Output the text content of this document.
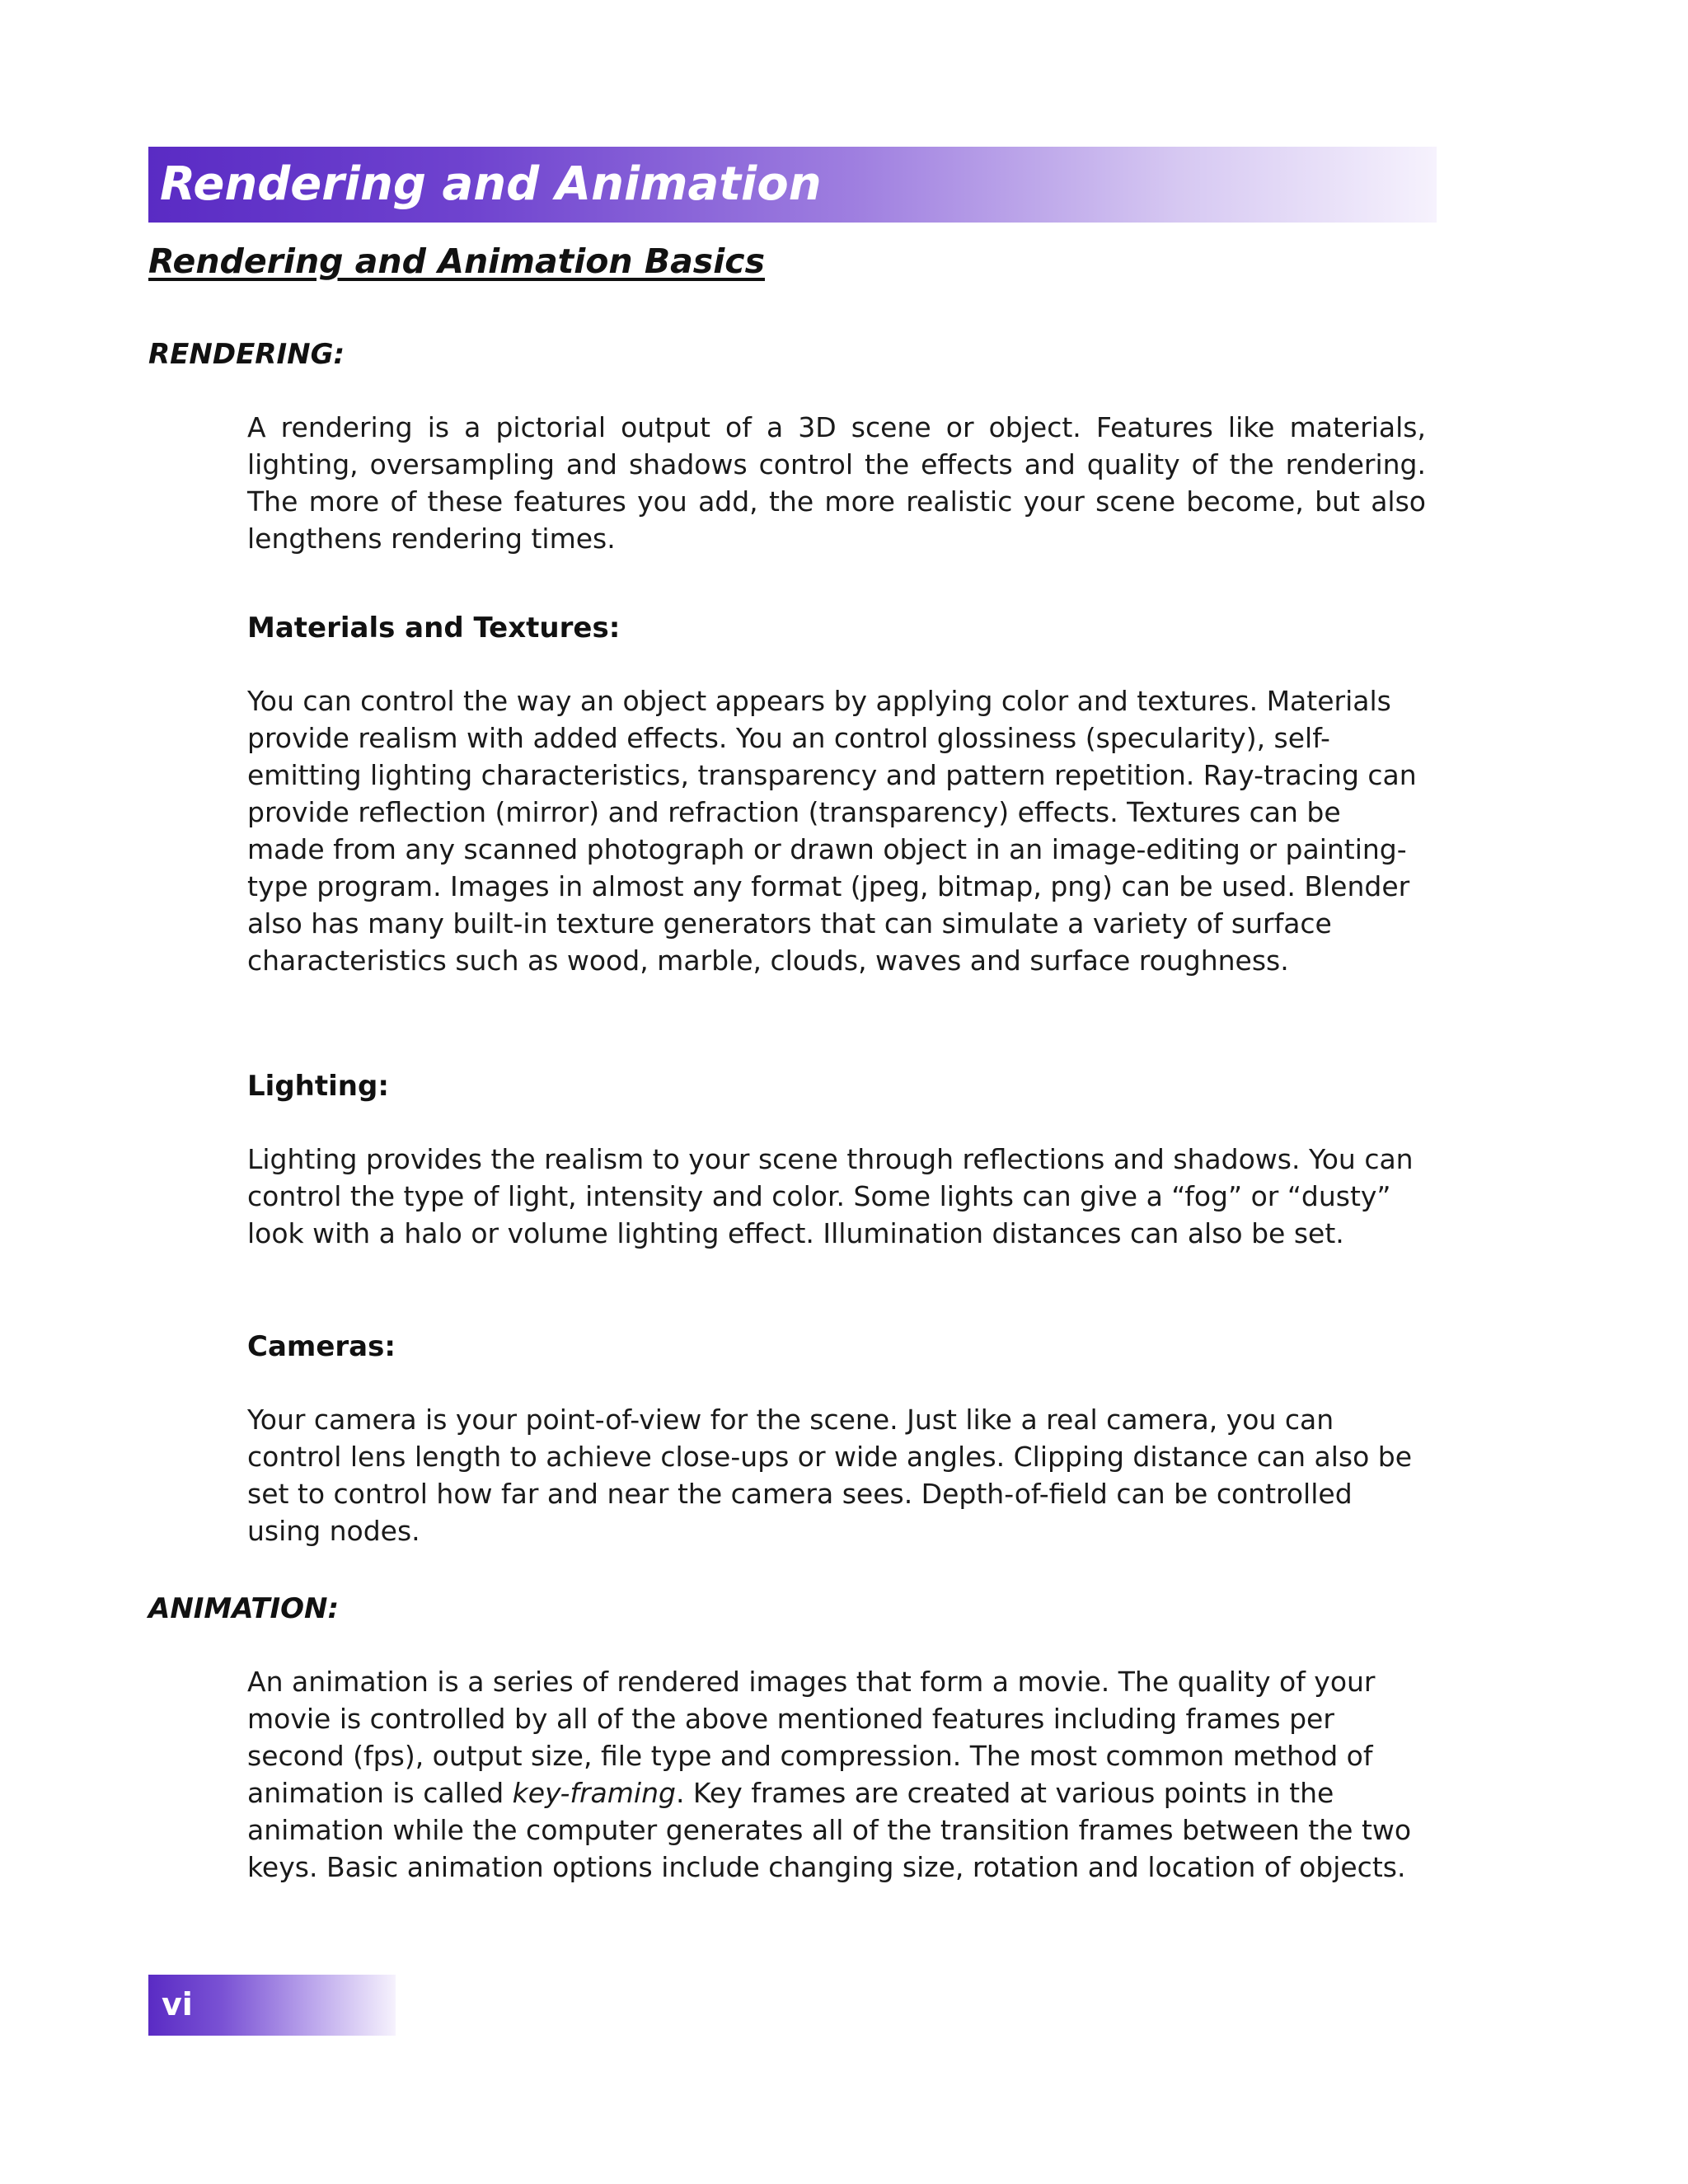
Rendering and Animation
Rendering and Animation Basics
RENDERING:

A rendering is a pictorial output of a 3D scene or object. Features like materials, lighting, oversampling and shadows control the effects and quality of the rendering. The more of these features you add, the more realistic your scene become, but also lengthens rendering times.

Materials and Textures:

You can control the way an object appears by applying color and textures. Materials provide realism with added effects. You an control glossiness (specularity), self-emitting lighting characteristics, transparency and pattern repetition. Ray-tracing can provide reflection (mirror) and refraction (transparency) effects. Textures can be made from any scanned photograph or drawn object in an image-editing or painting-type program. Images in almost any format (jpeg, bitmap, png) can be used. Blender also has many built-in texture generators that can simulate a variety of surface characteristics such as wood, marble, clouds, waves and surface roughness.

Lighting:

Lighting provides the realism to your scene through reflections and shadows. You can control the type of light, intensity and color. Some lights can give a “fog” or “dusty” look with a halo or volume lighting effect. Illumination distances can also be set.

Cameras:

Your camera is your point-of-view for the scene. Just like a real camera, you can control lens length to achieve close-ups or wide angles. Clipping distance can also be set to control how far and near the camera sees. Depth-of-field can be controlled using nodes.

ANIMATION:

An animation is a series of rendered images that form a movie. The quality of your movie is controlled by all of the above mentioned features including frames per second (fps), output size, file type and compression. The most common method of animation is called key-framing. Key frames are created at various points in the animation while the computer generates all of the transition frames between the two keys. Basic animation options include changing size, rotation and location of objects.

vi
